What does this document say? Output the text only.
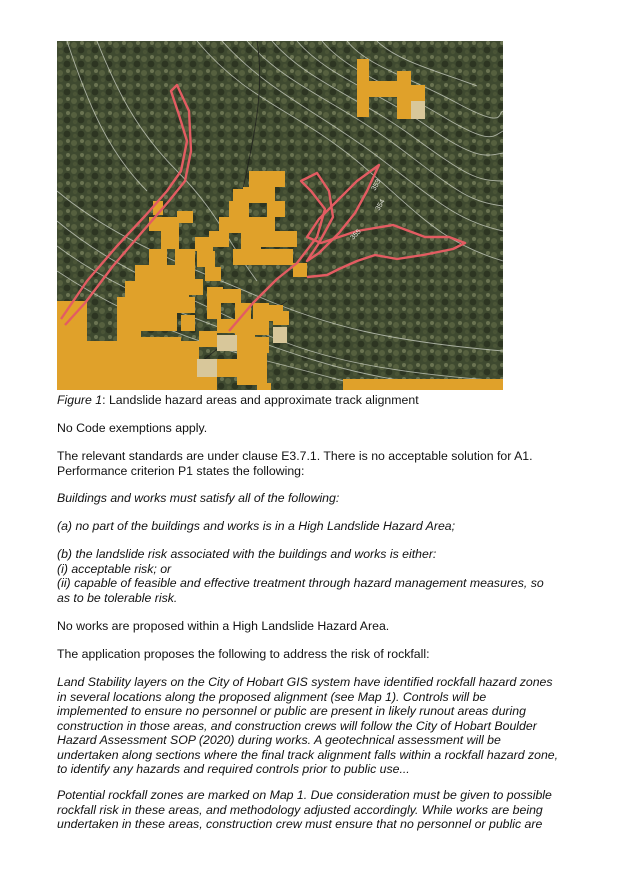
353
354
355
Figure 1: Landslide hazard areas and approximate track alignment

No Code exemptions apply.

The relevant standards are under clause E3.7.1. There is no acceptable solution for A1.

Performance criterion P1 states the following:

Buildings and works must satisfy all of the following:

(a) no part of the buildings and works is in a High Landslide Hazard Area;

(b) the landslide risk associated with the buildings and works is either:

(i) acceptable risk; or

(ii) capable of feasible and effective treatment through hazard management measures, so

as to be tolerable risk.

No works are proposed within a High Landslide Hazard Area.

The application proposes the following to address the risk of rockfall:

Land Stability layers on the City of Hobart GIS system have identified rockfall hazard zones

in several locations along the proposed alignment (see Map 1). Controls will be

implemented to ensure no personnel or public are present in likely runout areas during

construction in those areas, and construction crews will follow the City of Hobart Boulder

Hazard Assessment SOP (2020) during works. A geotechnical assessment will be

undertaken along sections where the final track alignment falls within a rockfall hazard zone,

to identify any hazards and required controls prior to public use...

Potential rockfall zones are marked on Map 1. Due consideration must be given to possible

rockfall risk in these areas, and methodology adjusted accordingly. While works are being

undertaken in these areas, construction crew must ensure that no personnel or public are
